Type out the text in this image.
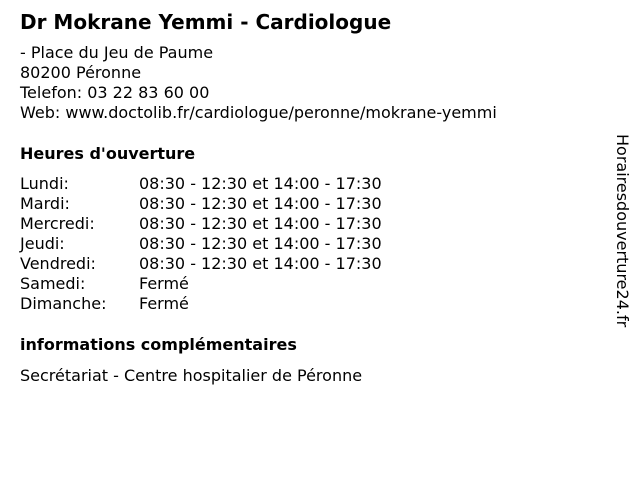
Dr Mokrane Yemmi - Cardiologue
- Place du Jeu de Paume
80200 Péronne
Telefon: 03 22 83 60 00
Web: www.doctolib.fr/cardiologue/peronne/mokrane-yemmi
Heures d'ouverture
Lundi:	08:30 - 12:30 et 14:00 - 17:30
Mardi:	08:30 - 12:30 et 14:00 - 17:30
Mercredi:	08:30 - 12:30 et 14:00 - 17:30
Jeudi:	08:30 - 12:30 et 14:00 - 17:30
Vendredi:	08:30 - 12:30 et 14:00 - 17:30
Samedi:	Fermé
Dimanche:	Fermé
informations complémentaires
Secrétariat - Centre hospitalier de Péronne
Horairesdouverture24.fr
